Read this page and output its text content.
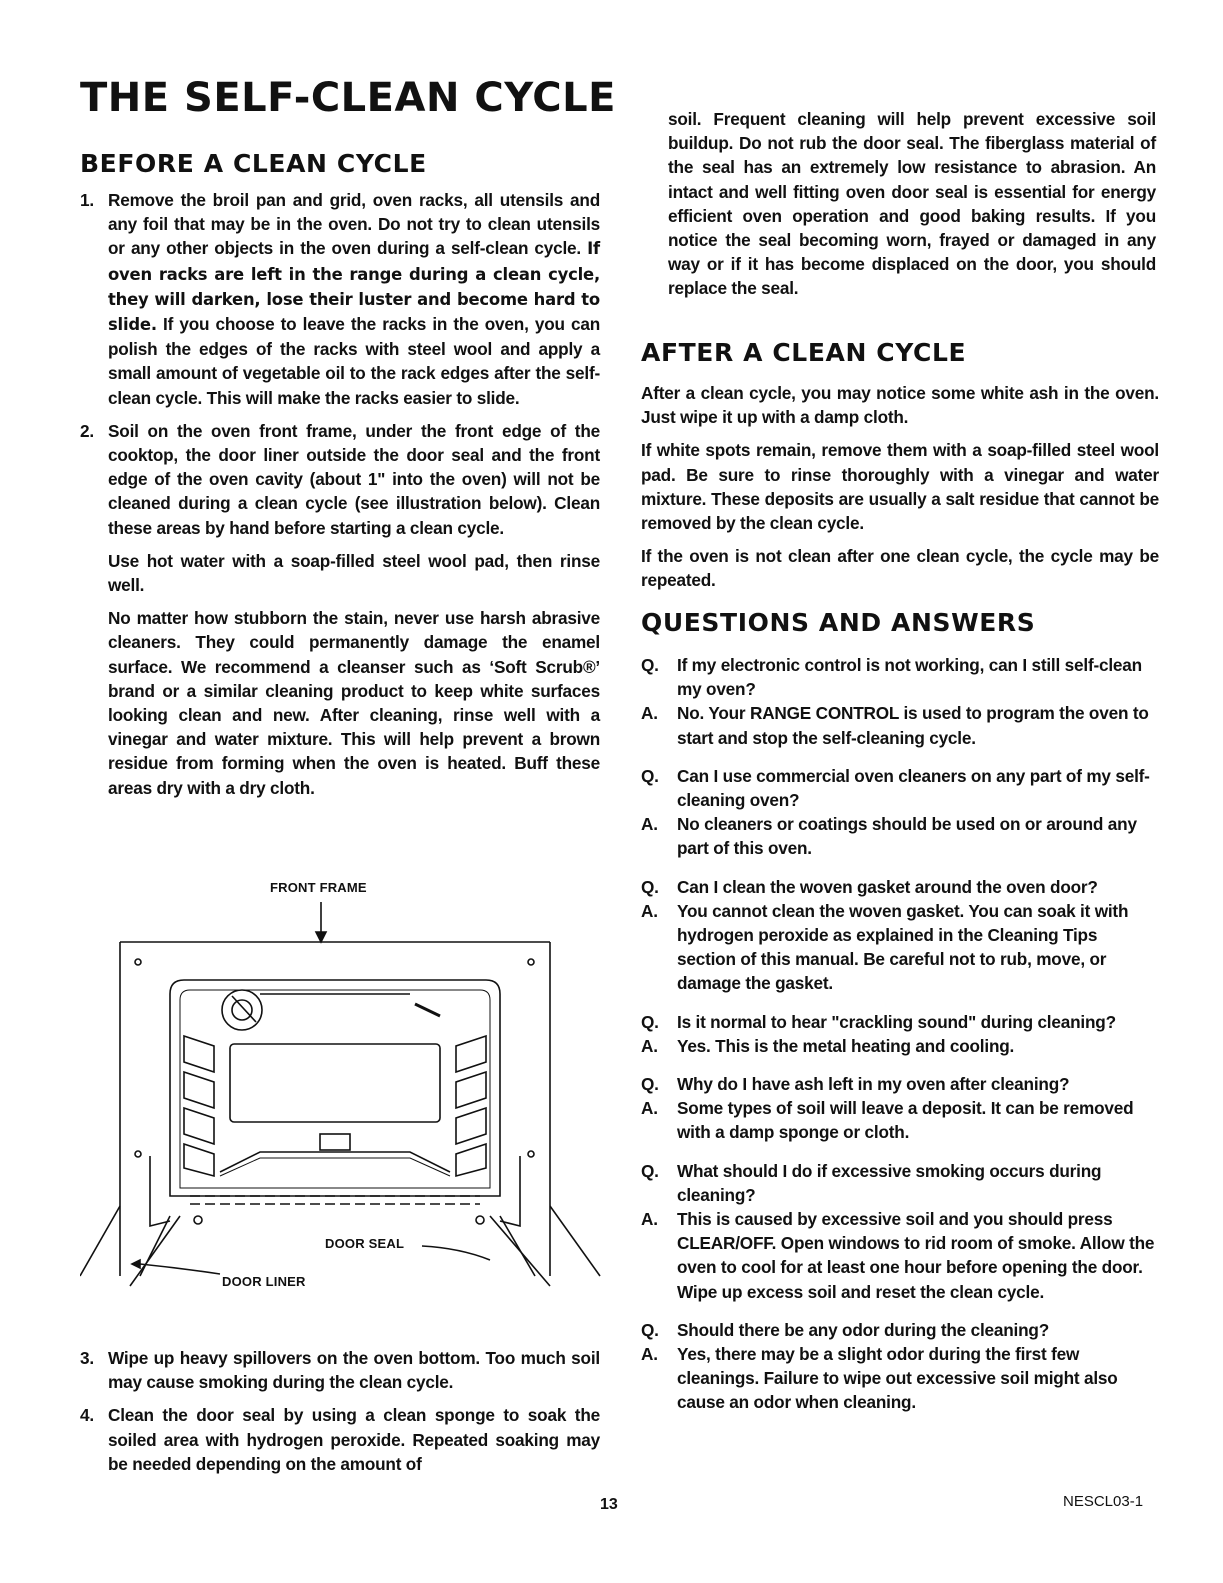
THE SELF-CLEAN CYCLE
BEFORE A CLEAN CYCLE
1. Remove the broil pan and grid, oven racks, all utensils and any foil that may be in the oven. Do not try to clean utensils or any other objects in the oven during a self-clean cycle. If oven racks are left in the range during a clean cycle, they will darken, lose their luster and become hard to slide. If you choose to leave the racks in the oven, you can polish the edges of the racks with steel wool and apply a small amount of vegetable oil to the rack edges after the self-clean cycle. This will make the racks easier to slide.
2. Soil on the oven front frame, under the front edge of the cooktop, the door liner outside the door seal and the front edge of the oven cavity (about 1" into the oven) will not be cleaned during a clean cycle (see illustration below). Clean these areas by hand before starting a clean cycle.
Use hot water with a soap-filled steel wool pad, then rinse well.
No matter how stubborn the stain, never use harsh abrasive cleaners. They could permanently damage the enamel surface. We recommend a cleanser such as ‘Soft Scrub®’ brand or a similar cleaning product to keep white surfaces looking clean and new. After cleaning, rinse well with a vinegar and water mixture. This will help prevent a brown residue from forming when the oven is heated. Buff these areas dry with a dry cloth.
FRONT FRAME
DOOR SEAL
DOOR LINER
3. Wipe up heavy spillovers on the oven bottom. Too much soil may cause smoking during the clean cycle.
4. Clean the door seal by using a clean sponge to soak the soiled area with hydrogen peroxide. Repeated soaking may be needed depending on the amount of
soil. Frequent cleaning will help prevent excessive soil buildup. Do not rub the door seal. The fiberglass material of the seal has an extremely low resistance to abrasion. An intact and well fitting oven door seal is essential for energy efficient oven operation and good baking results. If you notice the seal becoming worn, frayed or damaged in any way or if it has become displaced on the door, you should replace the seal.
AFTER A CLEAN CYCLE
After a clean cycle, you may notice some white ash in the oven. Just wipe it up with a damp cloth.
If white spots remain, remove them with a soap-filled steel wool pad. Be sure to rinse thoroughly with a vinegar and water mixture. These deposits are usually a salt residue that cannot be removed by the clean cycle.
If the oven is not clean after one clean cycle, the cycle may be repeated.
QUESTIONS AND ANSWERS
Q. If my electronic control is not working, can I still self-clean my oven?
A. No. Your RANGE CONTROL is used to program the oven to start and stop the self-cleaning cycle.
Q. Can I use commercial oven cleaners on any part of my self-cleaning oven?
A. No cleaners or coatings should be used on or around any part of this oven.
Q. Can I clean the woven gasket around the oven door?
A. You cannot clean the woven gasket. You can soak it with hydrogen peroxide as explained in the Cleaning Tips section of this manual. Be careful not to rub, move, or damage the gasket.
Q. Is it normal to hear "crackling sound" during cleaning?
A. Yes. This is the metal heating and cooling.
Q. Why do I have ash left in my oven after cleaning?
A. Some types of soil will leave a deposit. It can be removed with a damp sponge or cloth.
Q. What should I do if excessive smoking occurs during cleaning?
A. This is caused by excessive soil and you should press CLEAR/OFF. Open windows to rid room of smoke. Allow the oven to cool for at least one hour before opening the door. Wipe up excess soil and reset the clean cycle.
Q. Should there be any odor during the cleaning?
A. Yes, there may be a slight odor during the first few cleanings. Failure to wipe out excessive soil might also cause an odor when cleaning.
13	NESCL03-1
